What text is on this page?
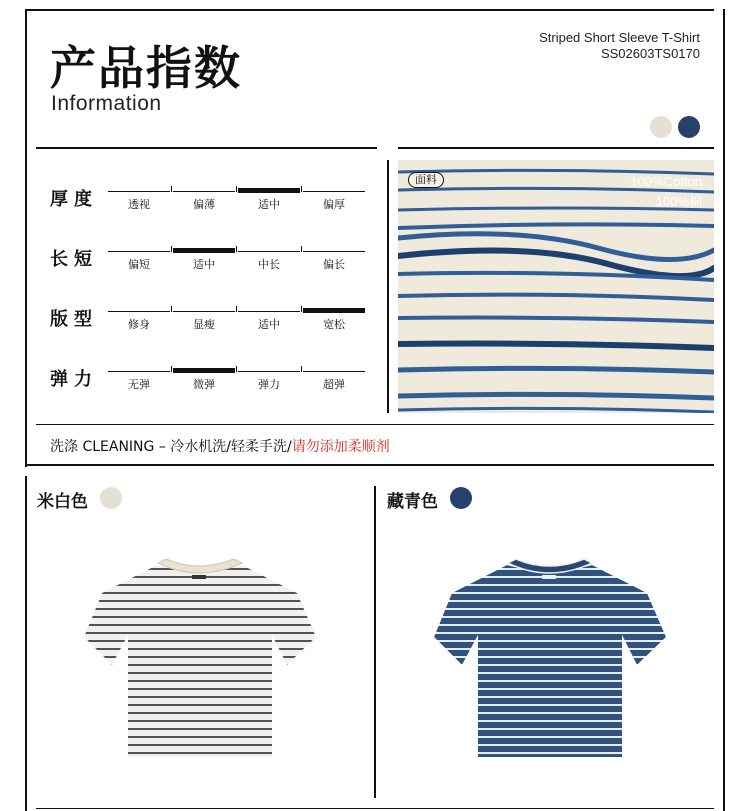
产品指数
Information
Striped Short Sleeve T-Shirt
SS02603TS0170
厚度	透视	偏薄	适中	偏厚
长短	偏短	适中	中长	偏长
版型	修身	显瘦	适中	宽松
弹力	无弹	微弹	弹力	超弹
面料	100%Cotton
100%棉
洗涤 CLEANING – 冷水机洗/轻柔手洗/请勿添加柔顺剂
米白色	藏青色
